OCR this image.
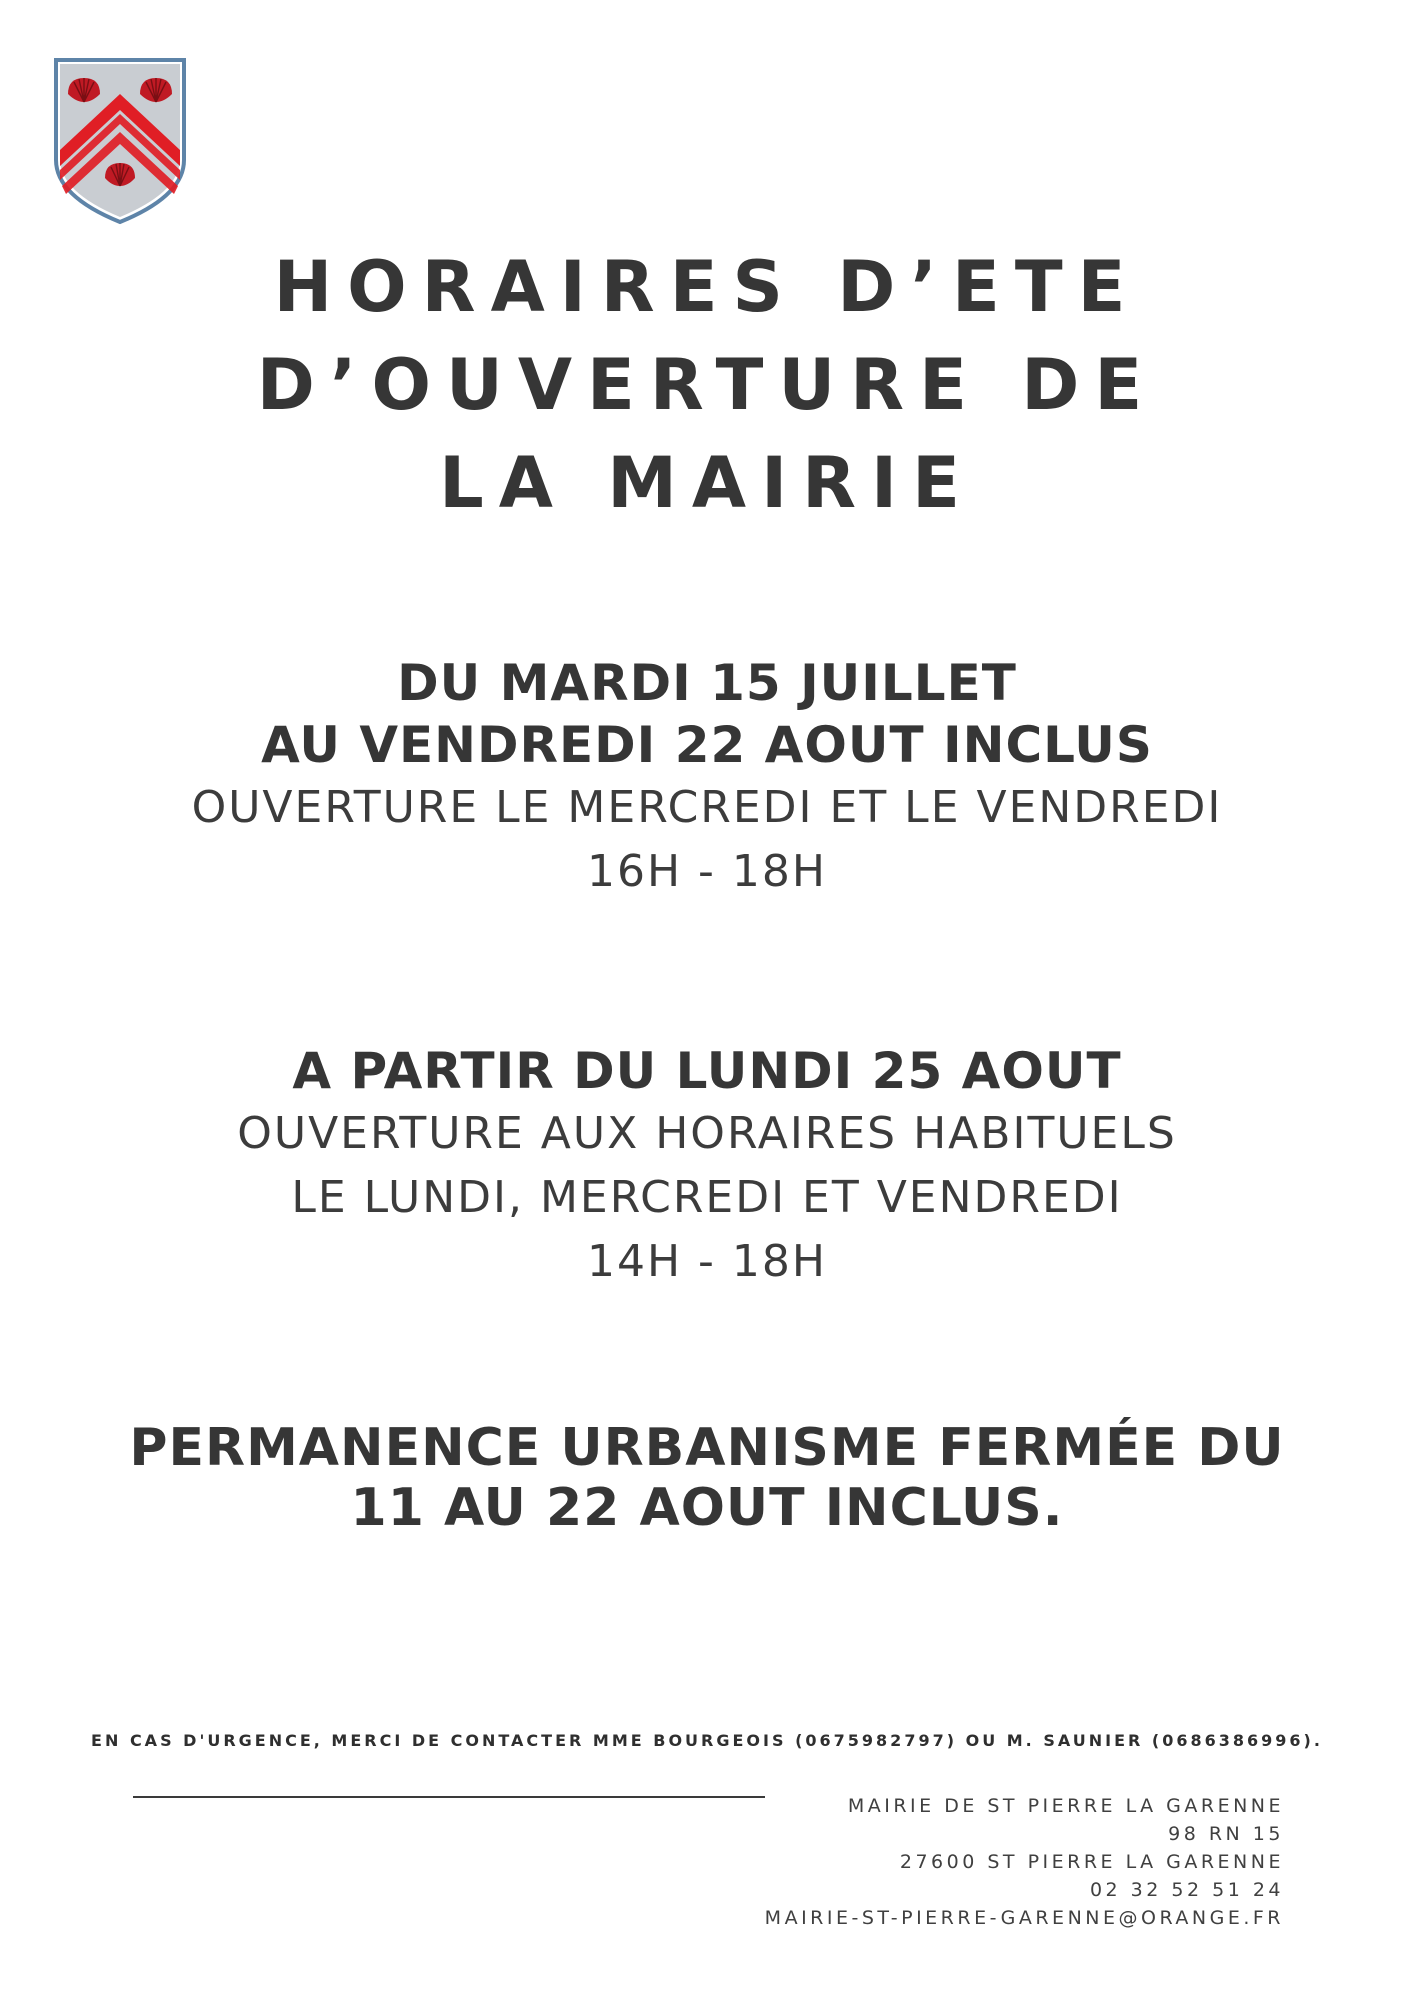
HORAIRES D’ETE
D’OUVERTURE DE
LA MAIRIE
DU MARDI 15 JUILLET
AU VENDREDI 22 AOUT INCLUS
OUVERTURE LE MERCREDI ET LE VENDREDI
16H - 18H
A PARTIR DU LUNDI 25 AOUT
OUVERTURE AUX HORAIRES HABITUELS
LE LUNDI, MERCREDI ET VENDREDI
14H - 18H
PERMANENCE URBANISME FERMÉE DU
11 AU 22 AOUT INCLUS.
EN CAS D'URGENCE, MERCI DE CONTACTER MME BOURGEOIS (0675982797) OU M. SAUNIER (0686386996).
MAIRIE DE ST PIERRE LA GARENNE
98 RN 15
27600 ST PIERRE LA GARENNE
02 32 52 51 24
MAIRIE-ST-PIERRE-GARENNE@ORANGE.FR
